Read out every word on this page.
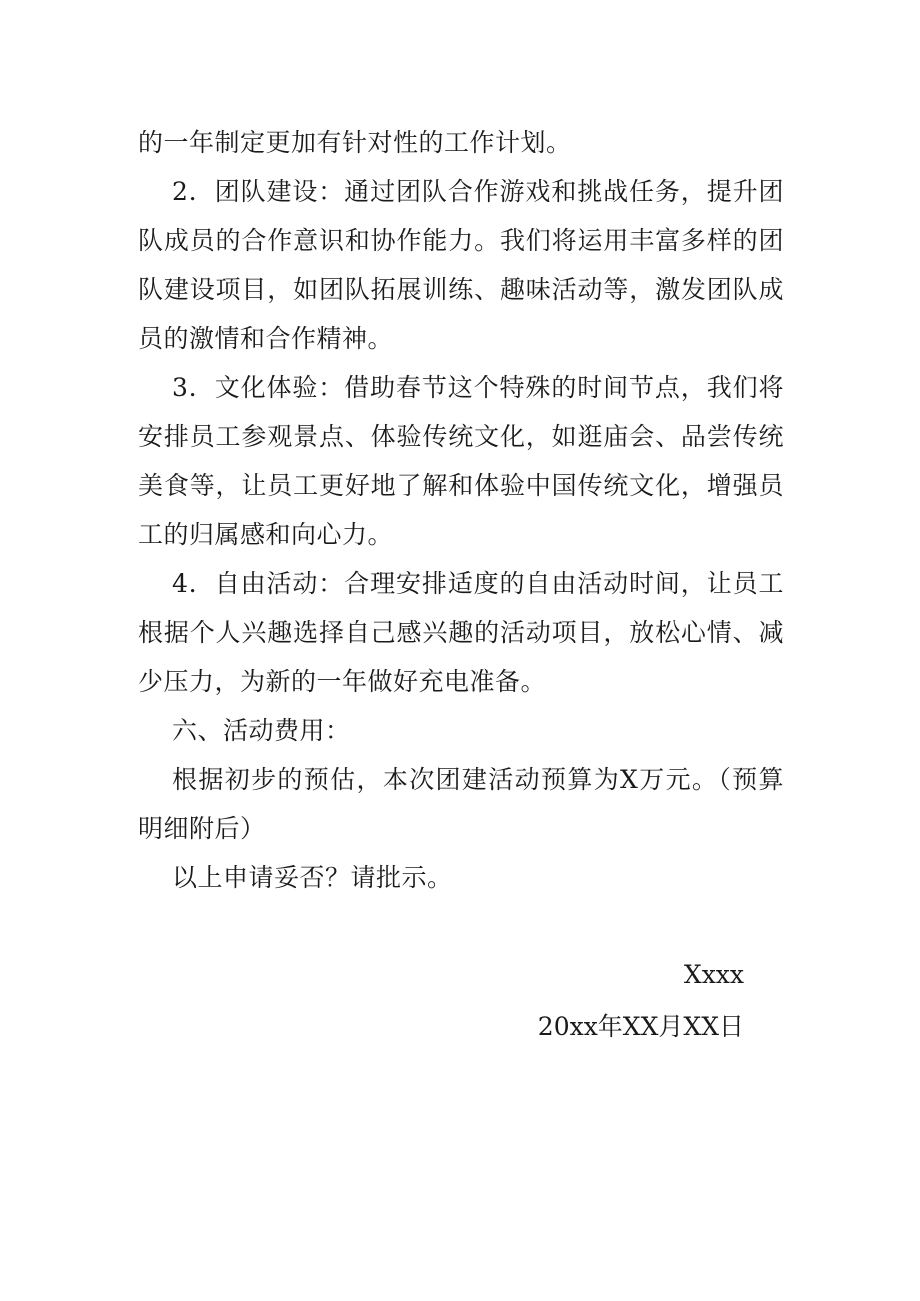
的一年制定更加有针对性的工作计划。

2．团队建设：通过团队合作游戏和挑战任务，提升团队成员的合作意识和协作能力。我们将运用丰富多样的团队建设项目，如团队拓展训练、趣味活动等，激发团队成员的激情和合作精神。

3．文化体验：借助春节这个特殊的时间节点，我们将安排员工参观景点、体验传统文化，如逛庙会、品尝传统美食等，让员工更好地了解和体验中国传统文化，增强员工的归属感和向心力。

4．自由活动：合理安排适度的自由活动时间，让员工根据个人兴趣选择自己感兴趣的活动项目，放松心情、减少压力，为新的一年做好充电准备。

六、活动费用：

根据初步的预估，本次团建活动预算为X万元。（预算明细附后）

以上申请妥否？请批示。

Xxxx
20xx年XX月XX日
